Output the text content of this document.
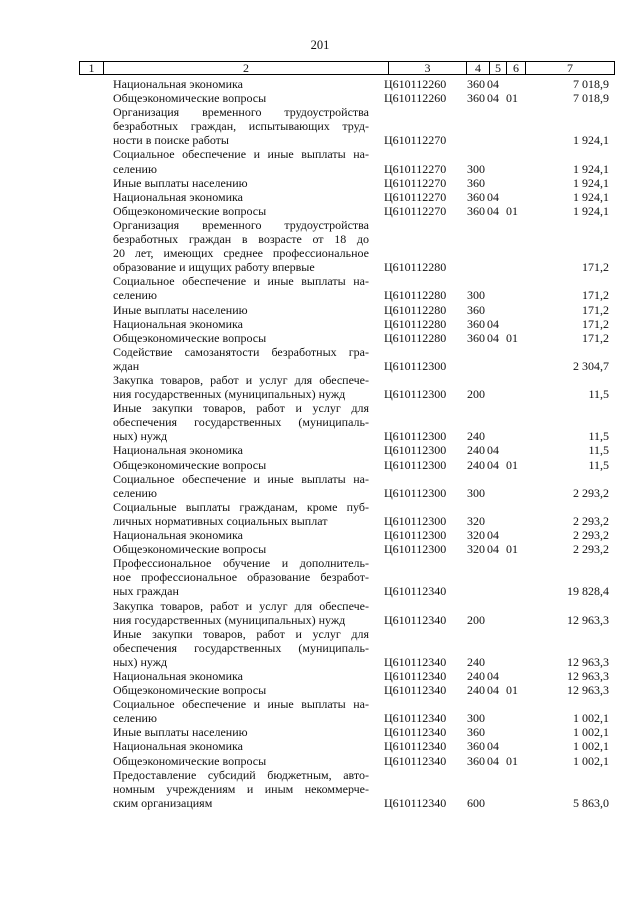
201
1	2	3	4	5	6	7
Национальная экономика	Ц610112260 360 04	7 018,9
Общеэкономические вопросы	Ц610112260 360 04 01	7 018,9
Организация временного трудоустройства
безработных граждан, испытывающих труд-
ности в поиске работы	Ц610112270	1 924,1
Социальное обеспечение и иные выплаты на-
селению	Ц610112270 300	1 924,1
Иные выплаты населению	Ц610112270 360	1 924,1
Национальная экономика	Ц610112270 360 04	1 924,1
Общеэкономические вопросы	Ц610112270 360 04 01	1 924,1
Организация временного трудоустройства
безработных граждан в возрасте от 18 до
20 лет, имеющих среднее профессиональное
образование и ищущих работу впервые	Ц610112280	171,2
Социальное обеспечение и иные выплаты на-
селению	Ц610112280 300	171,2
Иные выплаты населению	Ц610112280 360	171,2
Национальная экономика	Ц610112280 360 04	171,2
Общеэкономические вопросы	Ц610112280 360 04 01	171,2
Содействие самозанятости безработных гра-
ждан	Ц610112300	2 304,7
Закупка товаров, работ и услуг для обеспече-
ния государственных (муниципальных) нужд	Ц610112300 200	11,5
Иные закупки товаров, работ и услуг для
обеспечения государственных (муниципаль-
ных) нужд	Ц610112300 240	11,5
Национальная экономика	Ц610112300 240 04	11,5
Общеэкономические вопросы	Ц610112300 240 04 01	11,5
Социальное обеспечение и иные выплаты на-
селению	Ц610112300 300	2 293,2
Социальные выплаты гражданам, кроме пуб-
личных нормативных социальных выплат	Ц610112300 320	2 293,2
Национальная экономика	Ц610112300 320 04	2 293,2
Общеэкономические вопросы	Ц610112300 320 04 01	2 293,2
Профессиональное обучение и дополнитель-
ное профессиональное образование безработ-
ных граждан	Ц610112340	19 828,4
Закупка товаров, работ и услуг для обеспече-
ния государственных (муниципальных) нужд	Ц610112340 200	12 963,3
Иные закупки товаров, работ и услуг для
обеспечения государственных (муниципаль-
ных) нужд	Ц610112340 240	12 963,3
Национальная экономика	Ц610112340 240 04	12 963,3
Общеэкономические вопросы	Ц610112340 240 04 01	12 963,3
Социальное обеспечение и иные выплаты на-
селению	Ц610112340 300	1 002,1
Иные выплаты населению	Ц610112340 360	1 002,1
Национальная экономика	Ц610112340 360 04	1 002,1
Общеэкономические вопросы	Ц610112340 360 04 01	1 002,1
Предоставление субсидий бюджетным, авто-
номным учреждениям и иным некоммерче-
ским организациям	Ц610112340 600	5 863,0
